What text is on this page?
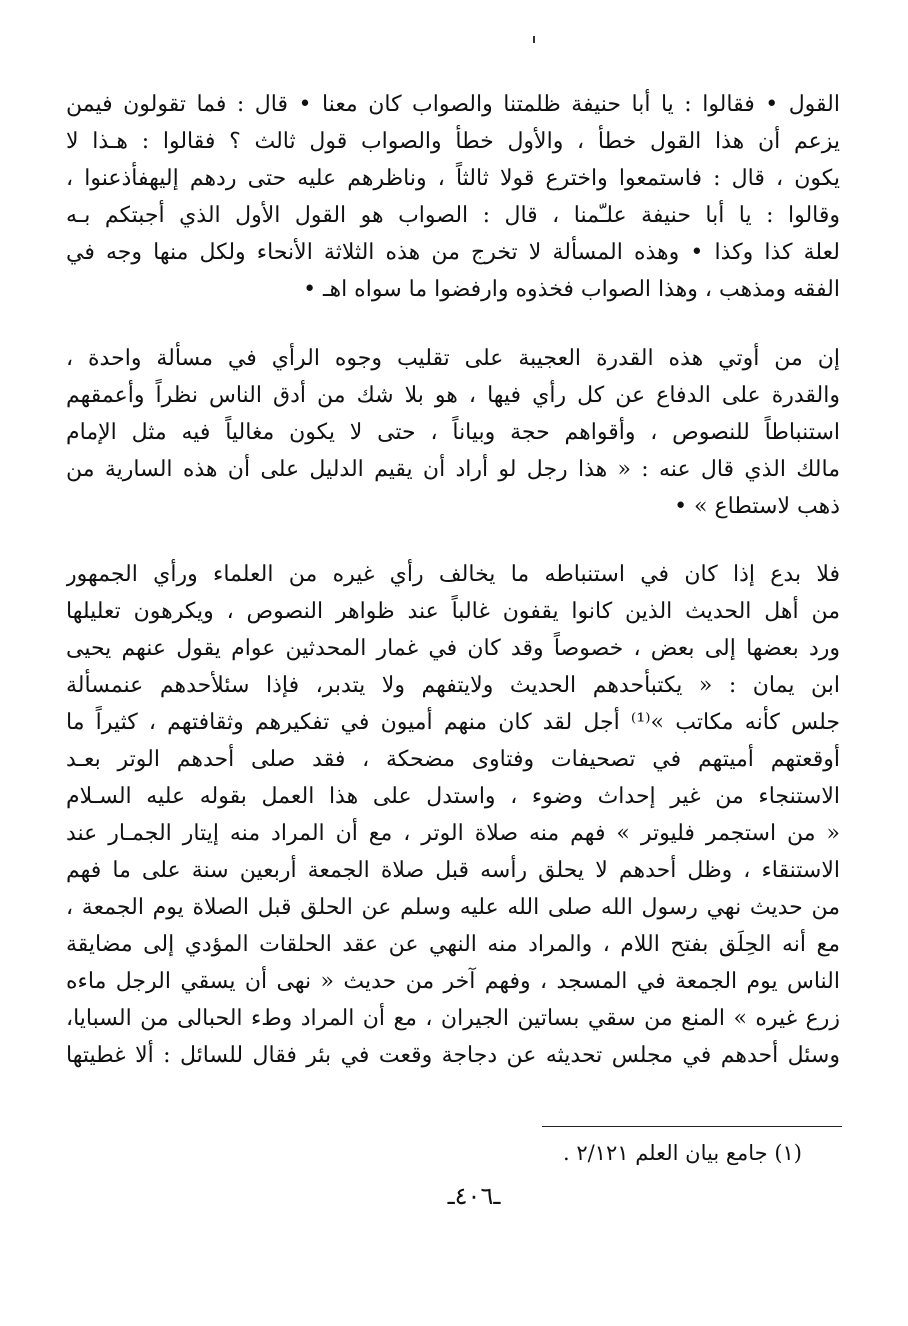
القول • فقالوا : يا أبا حنيفة ظلمتنا والصواب كان معنا • قال : فما تقولون فيمن
يزعم أن هذا القول خطأ ، والأول خطأ والصواب قول ثالث ؟ فقالوا : هـذا لا
يكون ، قال : فاستمعوا واخترع قولا ثالثاً ، وناظرهم عليه حتى ردهم إليهفأذعنوا ،
وقالوا : يا أبا حنيفة علـّمنا ، قال : الصواب هو القول الأول الذي أجبتكم بـه
لعلة كذا وكذا • وهذه المسألة لا تخرج من هذه الثلاثة الأنحاء ولكل منها وجه في
الفقه ومذهب ، وهذا الصواب فخذوه وارفضوا ما سواه اهـ •
إن من أوتي هذه القدرة العجيبة على تقليب وجوه الرأي في مسألة واحدة ،
والقدرة على الدفاع عن كل رأي فيها ، هو بلا شك من أدق الناس نظراً وأعمقهم
استنباطاً للنصوص ، وأقواهم حجة وبياناً ، حتى لا يكون مغالياً فيه مثل الإمام
مالك الذي قال عنه : « هذا رجل لو أراد أن يقيم الدليل على أن هذه السارية من
ذهب لاستطاع » •
فلا بدع إذا كان في استنباطه ما يخالف رأي غيره من العلماء ورأي الجمهور
من أهل الحديث الذين كانوا يقفون غالباً عند ظواهر النصوص ، ويكرهون تعليلها
ورد بعضها إلى بعض ، خصوصاً وقد كان في غمار المحدثين عوام يقول عنهم يحيى
ابن يمان : « يكتبأحدهم الحديث ولايتفهم ولا يتدبر، فإذا سئلأحدهم عنمسألة
جلس كأنه مكاتب »⁽¹⁾ أجل لقد كان منهم أميون في تفكيرهم وثقافتهم ، كثيراً ما
أوقعتهم أميتهم في تصحيفات وفتاوى مضحكة ، فقد صلى أحدهم الوتر بعـد
الاستنجاء من غير إحداث وضوء ، واستدل على هذا العمل بقوله عليه السـلام
« من استجمر فليوتر » فهم منه صلاة الوتر ، مع أن المراد منه إيتار الجمـار عند
الاستنقاء ، وظل أحدهم لا يحلق رأسه قبل صلاة الجمعة أربعين سنة على ما فهم
من حديث نهي رسول الله صلى الله عليه وسلم عن الحلق قبل الصلاة يوم الجمعة ،
مع أنه الحِلَق بفتح اللام ، والمراد منه النهي عن عقد الحلقات المؤدي إلى مضايقة
الناس يوم الجمعة في المسجد ، وفهم آخر من حديث « نهى أن يسقي الرجل ماءه
زرع غيره » المنع من سقي بساتين الجيران ، مع أن المراد وطء الحبالى من السبايا،
وسئل أحدهم في مجلس تحديثه عن دجاجة وقعت في بئر فقال للسائل : ألا غطيتها
(١) جامع بيان العلم ٢/١٢١ .
ـ٤٠٦ـ
